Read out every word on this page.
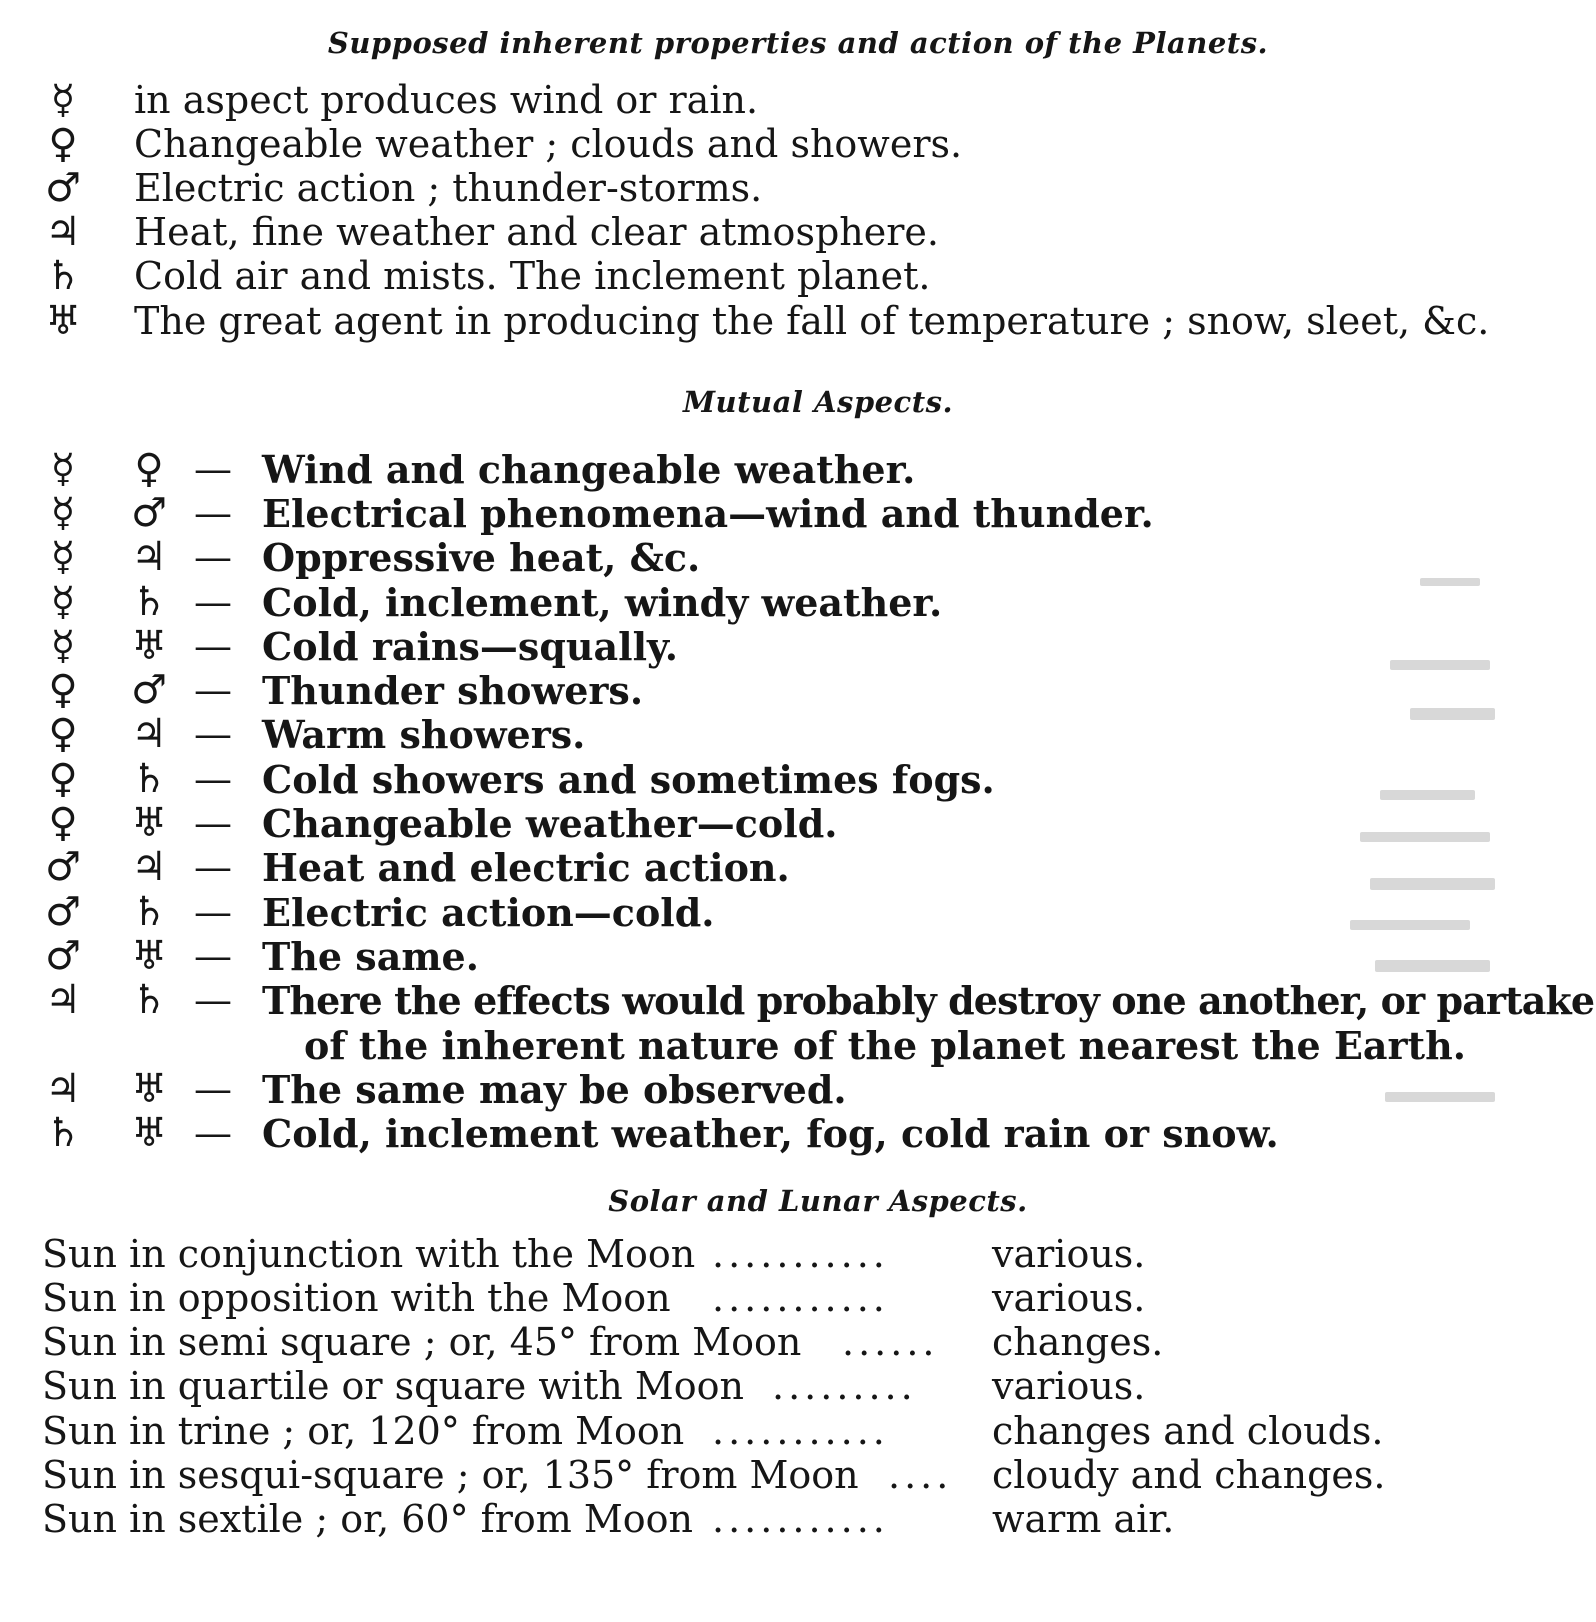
Supposed inherent properties and action of the Planets.
☿	in aspect produces wind or rain.
♀ Changeable weather ; clouds and showers.
♂ Electric action ; thunder-storms.
♃ Heat, fine weather and clear atmosphere.
♄ Cold air and mists. The inclement planet.
♅ The great agent in producing the fall of temperature ; snow, sleet, &c.
Mutual Aspects.
☿	♀ — Wind and changeable weather.
☿	♂ — Electrical phenomena—wind and thunder.
☿	♃ — Oppressive heat, &c.
☿	♄ — Cold, inclement, windy weather.
☿	♅ — Cold rains—squally.
♀ ♂ — Thunder showers.
♀ ♃ — Warm showers.
♀ ♄ — Cold showers and sometimes fogs.
♀ ♅ — Changeable weather—cold.
♂ ♃ — Heat and electric action.
♂ ♄ — Electric action—cold.
♂ ♅ — The same.
♃ ♄ — There the effects would probably destroy one another, or partake
of the inherent nature of the planet nearest the Earth.
♃ ♅ — The same may be observed.
♄ ♅ — Cold, inclement weather, fog, cold rain or snow.
Solar and Lunar Aspects.
Sun in conjunction with the Moon ...........	various.
Sun in opposition with the Moon ...........	various.
Sun in semi square ; or, 45° from Moon ...... changes.
Sun in quartile or square with Moon ......... various.
Sun in trine ; or, 120° from Moon ...........	changes and clouds.
Sun in sesqui-square ; or, 135° from Moon .... cloudy and changes.
Sun in sextile ; or, 60° from Moon ...........	warm air.
